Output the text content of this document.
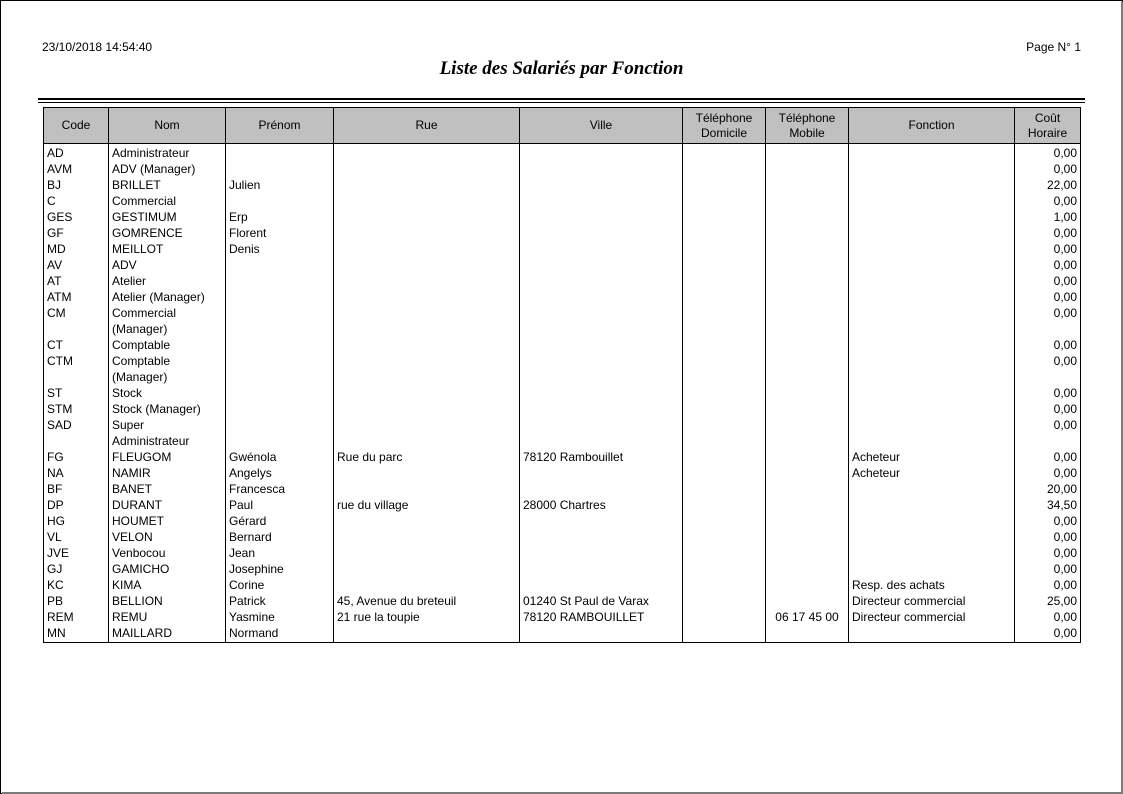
23/10/2018 14:54:40	Page N° 1
Liste des Salariés par Fonction
Code	Nom	Prénom	Rue	Ville	Téléphone Domicile	Téléphone Mobile	Fonction	Coût Horaire
AD	Administrateur							0,00
AVM	ADV (Manager)							0,00
BJ	BRILLET	Julien						22,00
C	Commercial							0,00
GES	GESTIMUM	Erp						1,00
GF	GOMRENCE	Florent						0,00
MD	MEILLOT	Denis						0,00
AV	ADV							0,00
AT	Atelier							0,00
ATM	Atelier (Manager)							0,00
CM	Commercial (Manager)							0,00
CT	Comptable							0,00
CTM	Comptable (Manager)							0,00
ST	Stock							0,00
STM	Stock (Manager)							0,00
SAD	Super Administrateur							0,00
FG	FLEUGOM	Gwénola	Rue du parc	78120 Rambouillet			Acheteur	0,00
NA	NAMIR	Angelys					Acheteur	0,00
BF	BANET	Francesca						20,00
DP	DURANT	Paul	rue du village	28000 Chartres				34,50
HG	HOUMET	Gérard						0,00
VL	VELON	Bernard						0,00
JVE	Venbocou	Jean						0,00
GJ	GAMICHO	Josephine						0,00
KC	KIMA	Corine					Resp. des achats	0,00
PB	BELLION	Patrick	45, Avenue du breteuil	01240 St Paul de Varax			Directeur commercial	25,00
REM	REMU	Yasmine	21 rue la toupie	78120 RAMBOUILLET		06 17 45 00	Directeur commercial	0,00
MN	MAILLARD	Normand						0,00
